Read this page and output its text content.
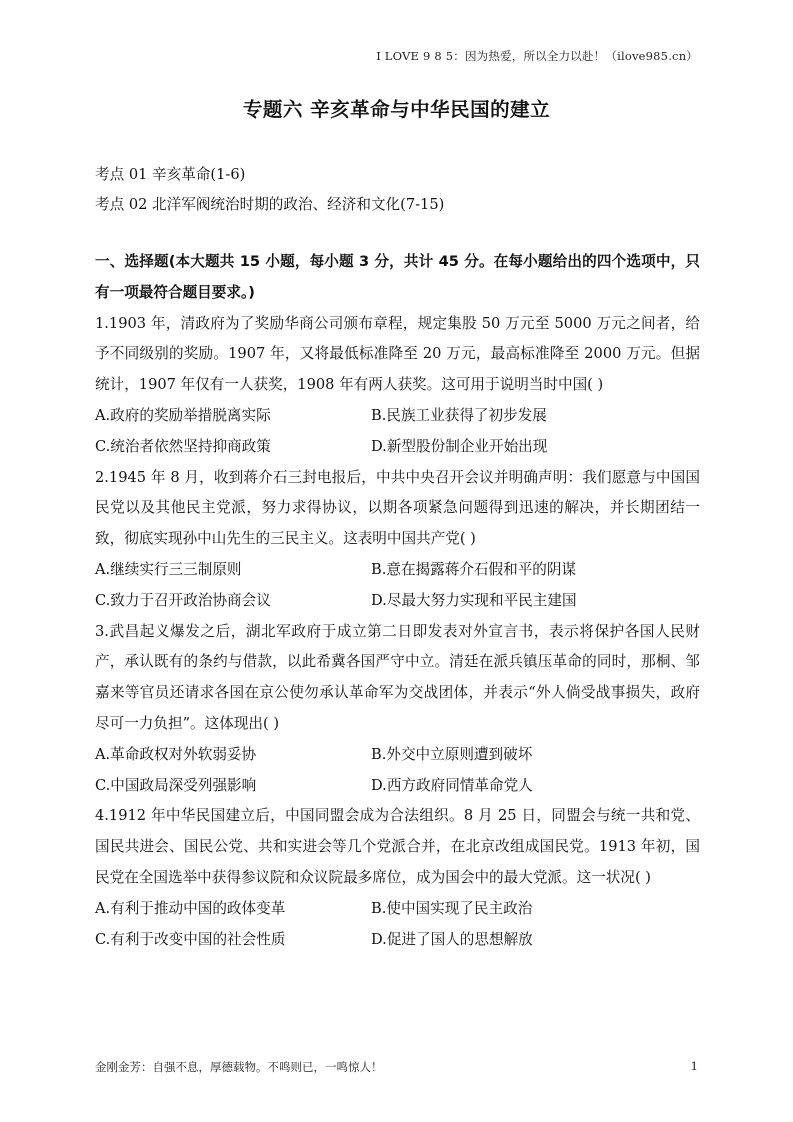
I LOVE 9 8 5：因为热爱，所以全力以赴！（ilove985.cn）
专题六 辛亥革命与中华民国的建立
考点 01 辛亥革命(1-6)
考点 02 北洋军阀统治时期的政治、经济和文化(7-15)
一、选择题(本大题共 15 小题，每小题 3 分，共计 45 分。在每小题给出的四个选项中，只有一项最符合题目要求。)
1.1903 年，清政府为了奖励华商公司颁布章程，规定集股 50 万元至 5000 万元之间者，给予不同级别的奖励。1907 年，又将最低标准降至 20 万元，最高标准降至 2000 万元。但据统计，1907 年仅有一人获奖，1908 年有两人获奖。这可用于说明当时中国( )
A.政府的奖励举措脱离实际	B.民族工业获得了初步发展
C.统治者依然坚持抑商政策	D.新型股份制企业开始出现
2.1945 年 8 月，收到蒋介石三封电报后，中共中央召开会议并明确声明：我们愿意与中国国民党以及其他民主党派，努力求得协议，以期各项紧急问题得到迅速的解决，并长期团结一致，彻底实现孙中山先生的三民主义。这表明中国共产党( )
A.继续实行三三制原则	B.意在揭露蒋介石假和平的阴谋
C.致力于召开政治协商会议	D.尽最大努力实现和平民主建国
3.武昌起义爆发之后，湖北军政府于成立第二日即发表对外宣言书，表示将保护各国人民财产，承认既有的条约与借款，以此希冀各国严守中立。清廷在派兵镇压革命的同时，那桐、邹嘉来等官员还请求各国在京公使勿承认革命军为交战团体，并表示“外人倘受战事损失，政府尽可一力负担”。这体现出( )
A.革命政权对外软弱妥协	B.外交中立原则遭到破坏
C.中国政局深受列强影响	D.西方政府同情革命党人
4.1912 年中华民国建立后，中国同盟会成为合法组织。8 月 25 日，同盟会与统一共和党、国民共进会、国民公党、共和实进会等几个党派合并，在北京改组成国民党。1913 年初，国民党在全国选举中获得参议院和众议院最多席位，成为国会中的最大党派。这一状况( )
A.有利于推动中国的政体变革	B.使中国实现了民主政治
C.有利于改变中国的社会性质	D.促进了国人的思想解放
金刚金芳：自强不息，厚德载物。不鸣则已，一鸣惊人！	1
